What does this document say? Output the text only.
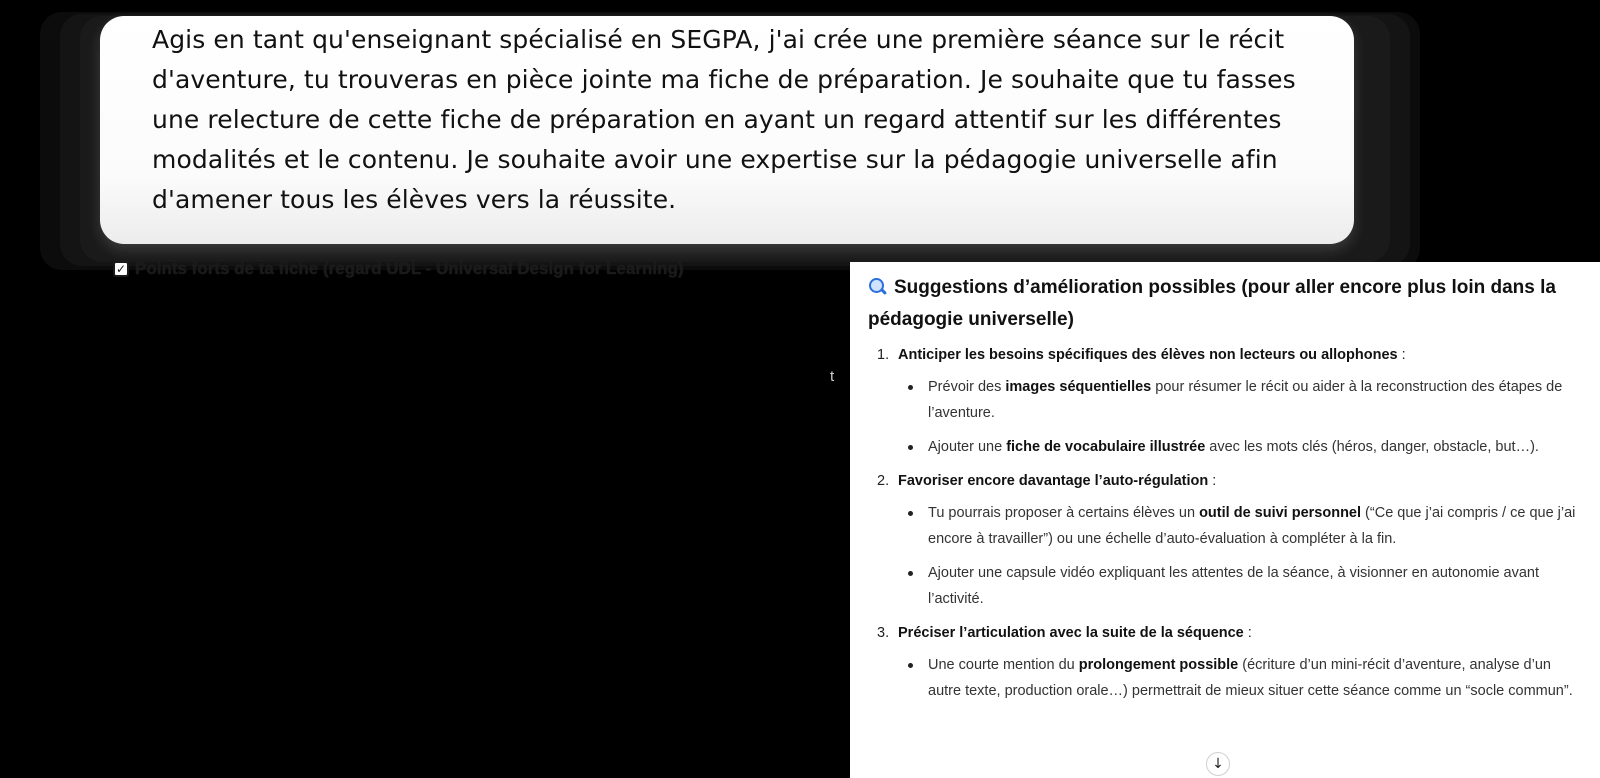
Agis en tant qu'enseignant spécialisé en SEGPA, j'ai crée une première séance sur le récit d'aventure, tu trouveras en pièce jointe ma fiche de préparation. Je souhaite que tu fasses une relecture de cette fiche de préparation en ayant un regard attentif sur les différentes modalités et le contenu. Je souhaite avoir une expertise sur la pédagogie universelle afin d'amener tous les élèves vers la réussite.
✓ Points forts de ta fiche (regard UDL - Universal Design for Learning)
t
Suggestions d’amélioration possibles (pour aller encore plus loin dans la pédagogie universelle)
1. Anticiper les besoins spécifiques des élèves non lecteurs ou allophones :
Prévoir des images séquentielles pour résumer le récit ou aider à la reconstruction des étapes de l’aventure.
Ajouter une fiche de vocabulaire illustrée avec les mots clés (héros, danger, obstacle, but…).
2. Favoriser encore davantage l’auto-régulation :
Tu pourrais proposer à certains élèves un outil de suivi personnel (“Ce que j’ai compris / ce que j’ai encore à travailler”) ou une échelle d’auto-évaluation à compléter à la fin.
Ajouter une capsule vidéo expliquant les attentes de la séance, à visionner en autonomie avant l’activité.
3. Préciser l’articulation avec la suite de la séquence :
Une courte mention du prolongement possible (écriture d’un mini-récit d’aventure, analyse d’un autre texte, production orale…) permettrait de mieux situer cette séance comme un “socle commun”.
↓
